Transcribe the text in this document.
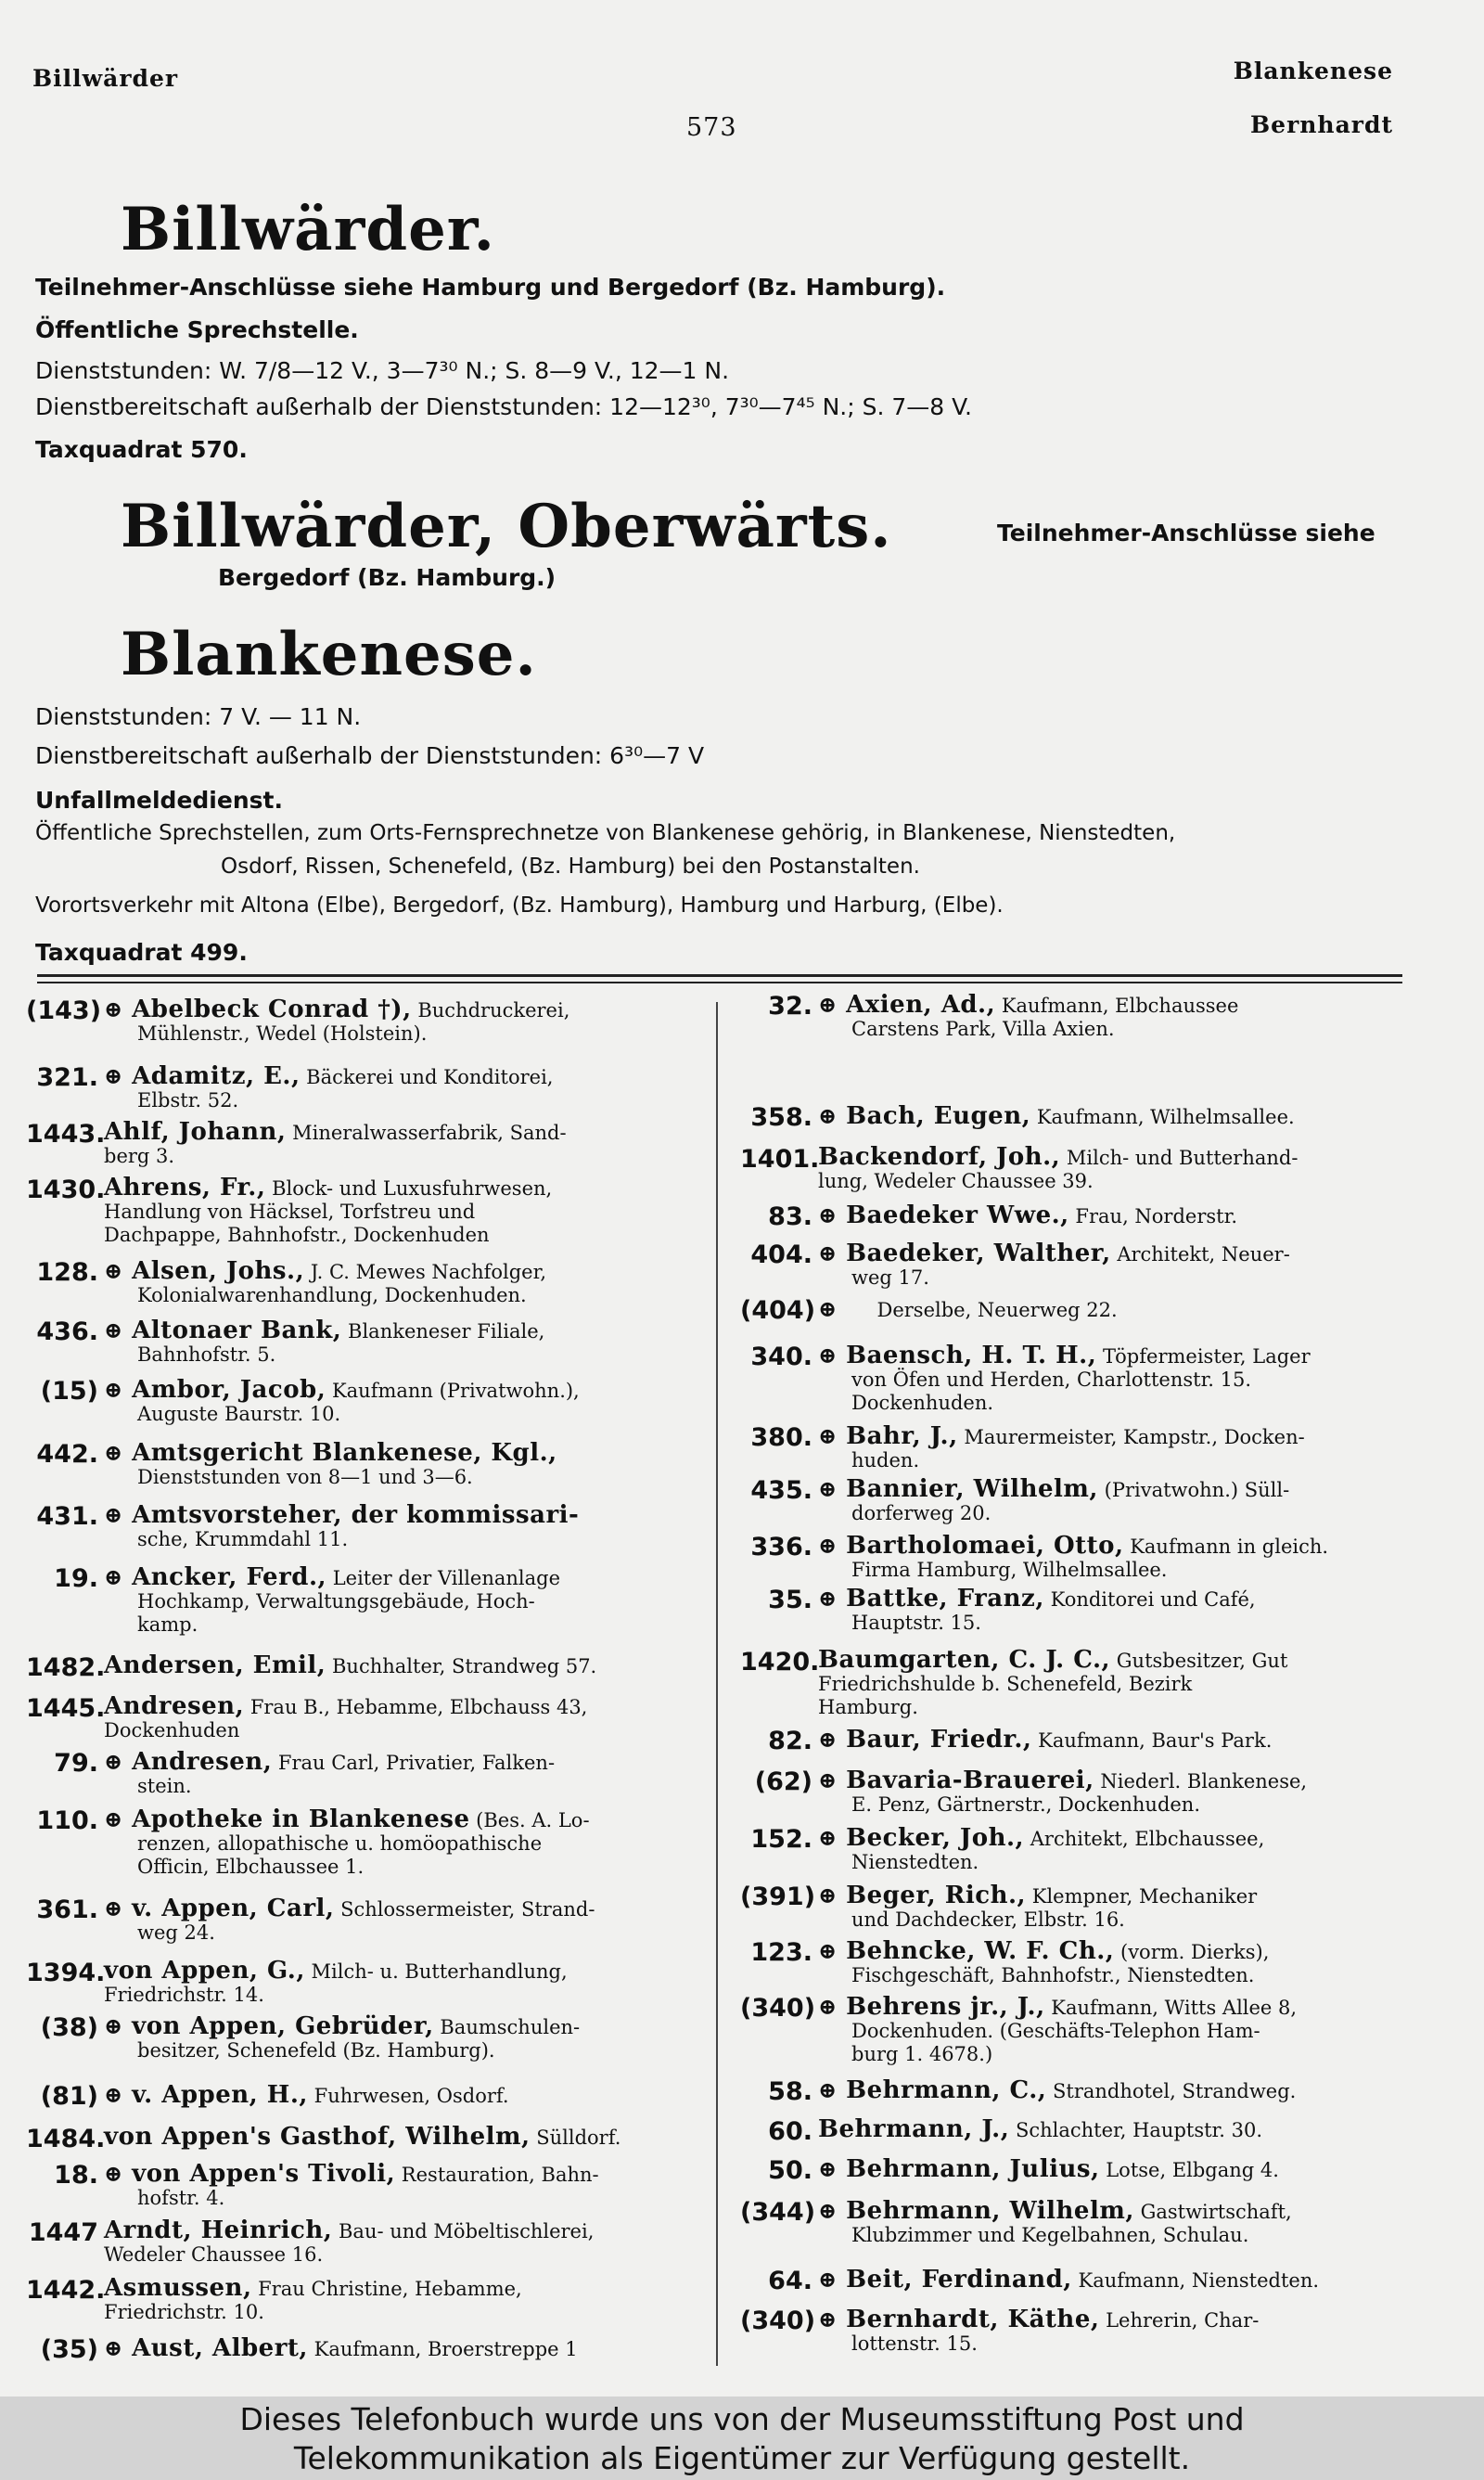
Billwärder
573
Blankenese
Bernhardt
Billwärder.
Teilnehmer-Anschlüsse siehe Hamburg und Bergedorf (Bz. Hamburg).
Öffentliche Sprechstelle.
Dienststunden: W. 7/8—12 V., 3—7³⁰ N.; S. 8—9 V., 12—1 N.
Dienstbereitschaft außerhalb der Dienststunden: 12—12³⁰, 7³⁰—7⁴⁵ N.; S. 7—8 V.
Taxquadrat 570.
Billwärder, Oberwärts.	Teilnehmer-Anschlüsse siehe
Bergedorf (Bz. Hamburg.)
Blankenese.
Dienststunden: 7 V. — 11 N.
Dienstbereitschaft außerhalb der Dienststunden: 6³⁰—7 V
Unfallmeldedienst.
Öffentliche Sprechstellen, zum Orts-Fernsprechnetze von Blankenese gehörig, in Blankenese, Nienstedten,
Osdorf, Rissen, Schenefeld, (Bz. Hamburg) bei den Postanstalten.
Vorortsverkehr mit Altona (Elbe), Bergedorf, (Bz. Hamburg), Hamburg und Harburg, (Elbe).
Taxquadrat 499.
(143) ⊕ Abelbeck Conrad †), Buchdruckerei,
Mühlenstr., Wedel (Holstein).
321. ⊕ Adamitz, E., Bäckerei und Konditorei,
Elbstr. 52.
1443.
Ahlf, Johann, Mineralwasserfabrik, Sand-
berg 3.
1430.
Ahrens, Fr., Block- und Luxusfuhrwesen,
Handlung von Häcksel, Torfstreu und
Dachpappe, Bahnhofstr., Dockenhuden
128. ⊕ Alsen, Johs., J. C. Mewes Nachfolger,
Kolonialwarenhandlung, Dockenhuden.
436. ⊕ Altonaer Bank, Blankeneser Filiale,
Bahnhofstr. 5.
(15) ⊕ Ambor, Jacob, Kaufmann (Privatwohn.),
Auguste Baurstr. 10.
442. ⊕ Amtsgericht Blankenese, Kgl.,
Dienststunden von 8—1 und 3—6.
431. ⊕ Amtsvorsteher, der kommissari-
sche, Krummdahl 11.
19. ⊕ Ancker, Ferd., Leiter der Villenanlage
Hochkamp, Verwaltungsgebäude, Hoch-
kamp.
1482.
Andersen, Emil, Buchhalter, Strandweg 57.
1445.
Andresen, Frau B., Hebamme, Elbchauss 43,
Dockenhuden
79. ⊕ Andresen, Frau Carl, Privatier, Falken-
stein.
110. ⊕ Apotheke in Blankenese (Bes. A. Lo-
renzen, allopathische u. homöopathische
Officin, Elbchaussee 1.
361. ⊕ v. Appen, Carl, Schlossermeister, Strand-
weg 24.
1394.
von Appen, G., Milch- u. Butterhandlung,
Friedrichstr. 14.
(38) ⊕ von Appen, Gebrüder, Baumschulen-
besitzer, Schenefeld (Bz. Hamburg).
(81) ⊕ v. Appen, H., Fuhrwesen, Osdorf.
1484.
von Appen's Gasthof, Wilhelm, Sülldorf.
18. ⊕ von Appen's Tivoli, Restauration, Bahn-
hofstr. 4.
1447 Arndt, Heinrich, Bau- und Möbeltischlerei,
Wedeler Chaussee 16.
1442.
Asmussen, Frau Christine, Hebamme,
Friedrichstr. 10.
(35) ⊕ Aust, Albert, Kaufmann, Broerstreppe 1
32. ⊕ Axien, Ad., Kaufmann, Elbchaussee
Carstens Park, Villa Axien.
358. ⊕ Bach, Eugen, Kaufmann, Wilhelmsallee.
1401.
Backendorf, Joh., Milch- und Butterhand-
lung, Wedeler Chaussee 39.
83. ⊕ Baedeker Wwe., Frau, Norderstr.
404. ⊕ Baedeker, Walther, Architekt, Neuer-
weg 17.
(404) ⊕     Derselbe, Neuerweg 22.
340. ⊕ Baensch, H. T. H., Töpfermeister, Lager
von Öfen und Herden, Charlottenstr. 15.
Dockenhuden.
380. ⊕ Bahr, J., Maurermeister, Kampstr., Docken-
huden.
435. ⊕ Bannier, Wilhelm, (Privatwohn.) Süll-
dorferweg 20.
336. ⊕ Bartholomaei, Otto, Kaufmann in gleich.
Firma Hamburg, Wilhelmsallee.
35. ⊕ Battke, Franz, Konditorei und Café,
Hauptstr. 15.
1420.
Baumgarten, C. J. C., Gutsbesitzer, Gut
Friedrichshulde b. Schenefeld, Bezirk
Hamburg.
82. ⊕ Baur, Friedr., Kaufmann, Baur's Park.
(62) ⊕ Bavaria-Brauerei, Niederl. Blankenese,
E. Penz, Gärtnerstr., Dockenhuden.
152. ⊕ Becker, Joh., Architekt, Elbchaussee,
Nienstedten.
(391) ⊕ Beger, Rich., Klempner, Mechaniker
und Dachdecker, Elbstr. 16.
123. ⊕ Behncke, W. F. Ch., (vorm. Dierks),
Fischgeschäft, Bahnhofstr., Nienstedten.
(340) ⊕ Behrens jr., J., Kaufmann, Witts Allee 8,
Dockenhuden. (Geschäfts-Telephon Ham-
burg 1. 4678.)
58. ⊕ Behrmann, C., Strandhotel, Strandweg.
60. Behrmann, J., Schlachter, Hauptstr. 30.
50. ⊕ Behrmann, Julius, Lotse, Elbgang 4.
(344) ⊕ Behrmann, Wilhelm, Gastwirtschaft,
Klubzimmer und Kegelbahnen, Schulau.
64. ⊕ Beit, Ferdinand, Kaufmann, Nienstedten.
(340) ⊕ Bernhardt, Käthe, Lehrerin, Char-
lottenstr. 15.
Dieses Telefonbuch wurde uns von der Museumsstiftung Post und
Telekommunikation als Eigentümer zur Verfügung gestellt.
